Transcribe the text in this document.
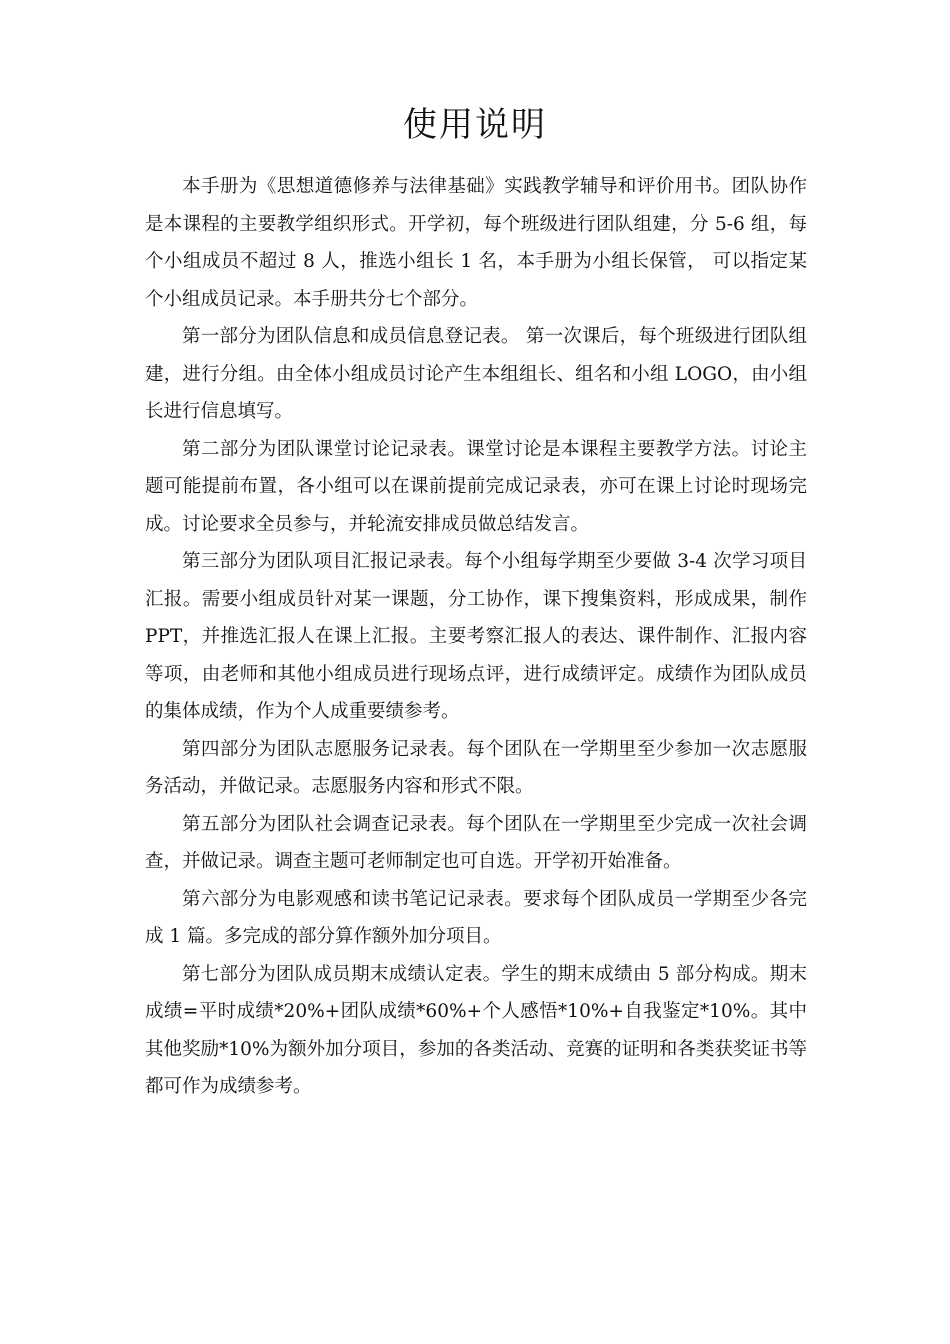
使用说明

本手册为《思想道德修养与法律基础》实践教学辅导和评价用书。团队协作是本课程的主要教学组织形式。开学初，每个班级进行团队组建，分 5-6 组，每个小组成员不超过 8 人，推选小组长 1 名，本手册为小组长保管， 可以指定某个小组成员记录。本手册共分七个部分。

第一部分为团队信息和成员信息登记表。 第一次课后，每个班级进行团队组建，进行分组。由全体小组成员讨论产生本组组长、组名和小组 LOGO，由小组长进行信息填写。

第二部分为团队课堂讨论记录表。课堂讨论是本课程主要教学方法。讨论主题可能提前布置，各小组可以在课前提前完成记录表，亦可在课上讨论时现场完成。讨论要求全员参与，并轮流安排成员做总结发言。

第三部分为团队项目汇报记录表。每个小组每学期至少要做 3-4 次学习项目汇报。需要小组成员针对某一课题，分工协作，课下搜集资料，形成成果，制作 PPT，并推选汇报人在课上汇报。主要考察汇报人的表达、课件制作、汇报内容等项，由老师和其他小组成员进行现场点评，进行成绩评定。成绩作为团队成员的集体成绩，作为个人成重要绩参考。

第四部分为团队志愿服务记录表。每个团队在一学期里至少参加一次志愿服务活动，并做记录。志愿服务内容和形式不限。

第五部分为团队社会调查记录表。每个团队在一学期里至少完成一次社会调查，并做记录。调查主题可老师制定也可自选。开学初开始准备。

第六部分为电影观感和读书笔记记录表。要求每个团队成员一学期至少各完成 1 篇。多完成的部分算作额外加分项目。

第七部分为团队成员期末成绩认定表。学生的期末成绩由 5 部分构成。期末成绩=平时成绩*20%+团队成绩*60%+个人感悟*10%+自我鉴定*10%。其中其他奖励*10%为额外加分项目，参加的各类活动、竞赛的证明和各类获奖证书等都可作为成绩参考。
